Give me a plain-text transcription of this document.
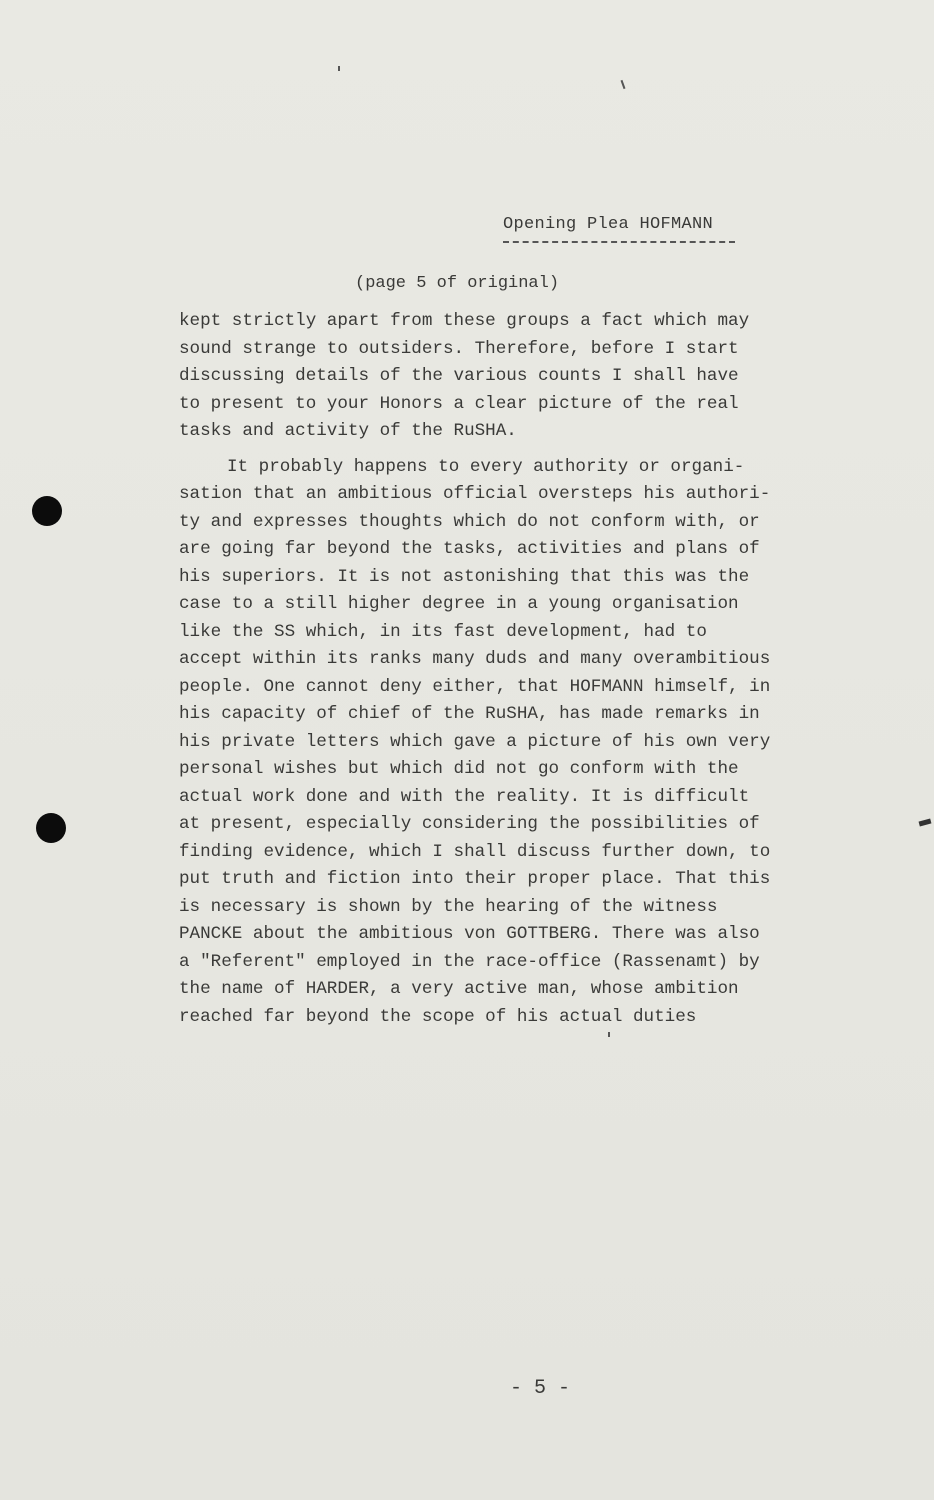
Opening Plea HOFMANN
(page 5 of original)
kept strictly apart from these groups a fact which may
sound strange to outsiders. Therefore, before I start
discussing details of the various counts I shall have
to present to your Honors a clear picture of the real
tasks and activity of the RuSHA.
It probably happens to every authority or organi-
sation that an ambitious official oversteps his authori-
ty and expresses thoughts which do not conform with, or
are going far beyond the tasks, activities and plans of
his superiors. It is not astonishing that this was the
case to a still higher degree in a young organisation
like the SS which, in its fast development, had to
accept within its ranks many duds and many overambitious
people. One cannot deny either, that HOFMANN himself, in
his capacity of chief of the RuSHA, has made remarks in
his private letters which gave a picture of his own very
personal wishes but which did not go conform with the
actual work done and with the reality. It is difficult
at present, especially considering the possibilities of
finding evidence, which I shall discuss further down, to
put truth and fiction into their proper place. That this
is necessary is shown by the hearing of the witness
PANCKE about the ambitious von GOTTBERG. There was also
a "Referent" employed in the race-office (Rassenamt) by
the name of HARDER, a very active man, whose ambition
reached far beyond the scope of his actual duties
- 5 -
